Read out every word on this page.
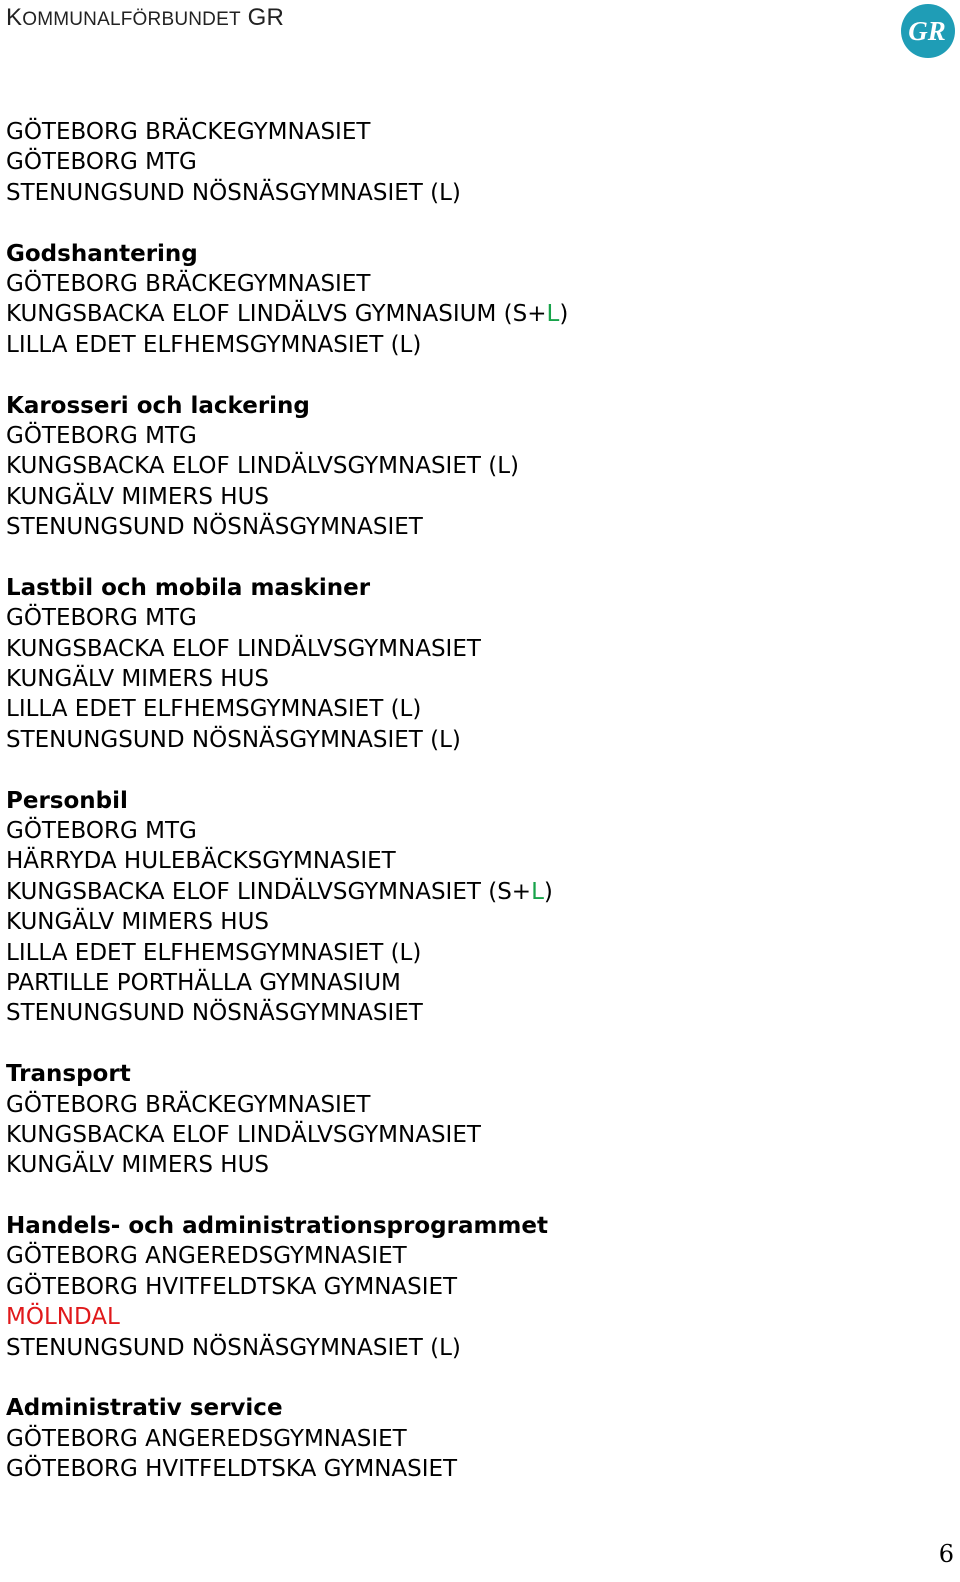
KOMMUNALFÖRBUNDET GR	GR
GÖTEBORG BRÄCKEGYMNASIET
GÖTEBORG MTG
STENUNGSUND NÖSNÄSGYMNASIET (L)
Godshantering
GÖTEBORG BRÄCKEGYMNASIET
KUNGSBACKA ELOF LINDÄLVS GYMNASIUM (S+L)
LILLA EDET ELFHEMSGYMNASIET (L)
Karosseri och lackering
GÖTEBORG MTG
KUNGSBACKA ELOF LINDÄLVSGYMNASIET (L)
KUNGÄLV MIMERS HUS
STENUNGSUND NÖSNÄSGYMNASIET
Lastbil och mobila maskiner
GÖTEBORG MTG
KUNGSBACKA ELOF LINDÄLVSGYMNASIET
KUNGÄLV MIMERS HUS
LILLA EDET ELFHEMSGYMNASIET (L)
STENUNGSUND NÖSNÄSGYMNASIET (L)
Personbil
GÖTEBORG MTG
HÄRRYDA HULEBÄCKSGYMNASIET
KUNGSBACKA ELOF LINDÄLVSGYMNASIET (S+L)
KUNGÄLV MIMERS HUS
LILLA EDET ELFHEMSGYMNASIET (L)
PARTILLE PORTHÄLLA GYMNASIUM
STENUNGSUND NÖSNÄSGYMNASIET
Transport
GÖTEBORG BRÄCKEGYMNASIET
KUNGSBACKA ELOF LINDÄLVSGYMNASIET
KUNGÄLV MIMERS HUS
Handels- och administrationsprogrammet
GÖTEBORG ANGEREDSGYMNASIET
GÖTEBORG HVITFELDTSKA GYMNASIET
MÖLNDAL
STENUNGSUND NÖSNÄSGYMNASIET (L)
Administrativ service
GÖTEBORG ANGEREDSGYMNASIET
GÖTEBORG HVITFELDTSKA GYMNASIET
6
